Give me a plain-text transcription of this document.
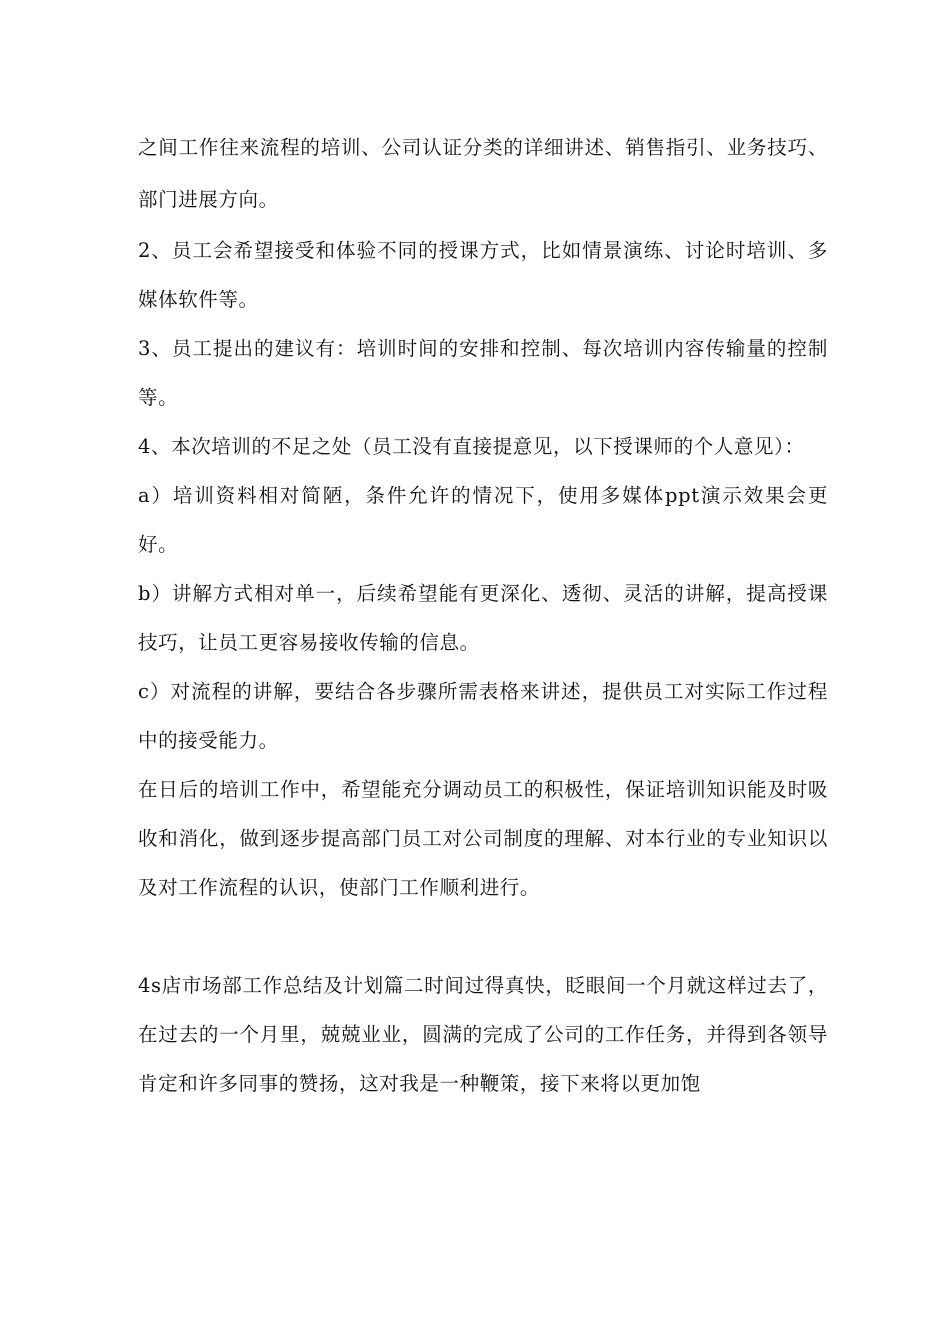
之间工作往来流程的培训、公司认证分类的详细讲述、销售指引、业务技巧、部门进展方向。

2、员工会希望接受和体验不同的授课方式，比如情景演练、讨论时培训、多媒体软件等。

3、员工提出的建议有：培训时间的安排和控制、每次培训内容传输量的控制等。

4、本次培训的不足之处（员工没有直接提意见，以下授课师的个人意见）：

a）培训资料相对简陋，条件允许的情况下，使用多媒体ppt演示效果会更好。

b）讲解方式相对单一，后续希望能有更深化、透彻、灵活的讲解，提高授课技巧，让员工更容易接收传输的信息。

c）对流程的讲解，要结合各步骤所需表格来讲述，提供员工对实际工作过程中的接受能力。

在日后的培训工作中，希望能充分调动员工的积极性，保证培训知识能及时吸收和消化，做到逐步提高部门员工对公司制度的理解、对本行业的专业知识以及对工作流程的认识，使部门工作顺利进行。

4s店市场部工作总结及计划篇二时间过得真快，眨眼间一个月就这样过去了，在过去的一个月里，兢兢业业，圆满的完成了公司的工作任务，并得到各领导肯定和许多同事的赞扬，这对我是一种鞭策，接下来将以更加饱
